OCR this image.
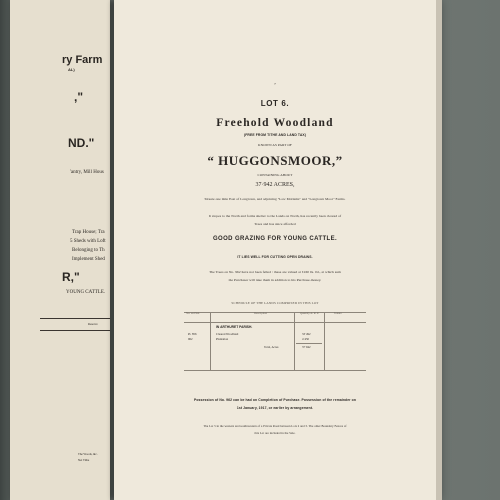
ry Farm
AL)
,"
ND."
'antry, Mill Hous
Trap House; Tra
5 Sheds with Loft
Belonging to Th
Implement Shed
R,"
YOUNG CATTLE.
Reserve
The Woods, &c.
Net Tithe
7
LOT 6.
Freehold Woodland
(FREE FROM TITHE AND LAND TAX)
KNOWN AS PART OF
“ HUGGONSMOOR,”
CONTAINING ABOUT
37·942 ACRES,
Situate one mile East of Longtown, and adjoining "Low Mollams" and "Longtown Moor" Farms.
It slopes to the North and forms shelter to the Lands on North, has recently been cleared of
Trees and has since afforded
GOOD GRAZING FOR YOUNG CATTLE.
IT LIES WELL FOR CUTTING OPEN DRAINS.
The Trees on No. 962 have not been felled : these are valued at £160 0s. 0d., at which sum
the Purchaser will take them in addition to his Purchase-money.
SCHEDULE OF THE LANDS COMPRISED IN THIS LOT
No. on Plan	Description	Quantity A. R. P.	Tenure
IN ARTHURET PARISH.
Pt. 856	Cleared Woodland	33·492
962	Plantation	4·450
Total, Acres	37·942
Possession of No. 962 can be had on Completion of Purchase. Possession of the remainder on
1st January, 1917, or earlier by arrangement.
The Lot 5 in the western and southwestern of a Private Road between Lots 2 and 3. The other Boundary Fences of
this Lot are included in the Sale.
